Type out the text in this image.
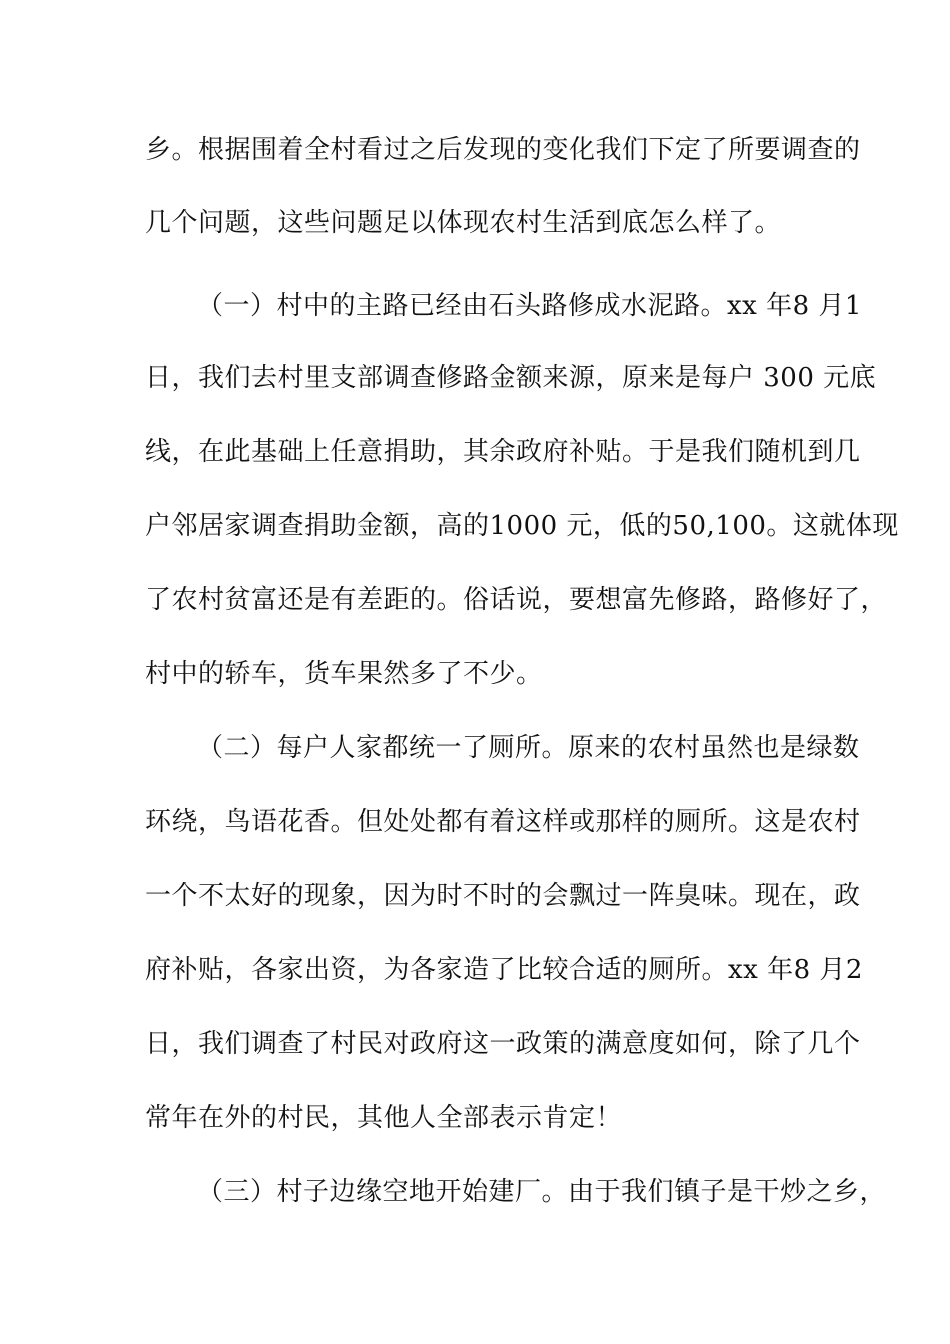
乡。根据围着全村看过之后发现的变化我们下定了所要调查的
几个问题，这些问题足以体现农村生活到底怎么样了。
（一）村中的主路已经由石头路修成水泥路。xx 年8 月1
日，我们去村里支部调查修路金额来源，原来是每户 300 元底
线，在此基础上任意捐助，其余政府补贴。于是我们随机到几
户邻居家调查捐助金额，高的1000 元，低的50,100。这就体现
了农村贫富还是有差距的。俗话说，要想富先修路，路修好了，
村中的轿车，货车果然多了不少。
（二）每户人家都统一了厕所。原来的农村虽然也是绿数
环绕，鸟语花香。但处处都有着这样或那样的厕所。这是农村
一个不太好的现象，因为时不时的会飘过一阵臭味。现在，政
府补贴，各家出资，为各家造了比较合适的厕所。xx 年8 月2
日，我们调查了村民对政府这一政策的满意度如何，除了几个
常年在外的村民，其他人全部表示肯定！
（三）村子边缘空地开始建厂。由于我们镇子是干炒之乡，
